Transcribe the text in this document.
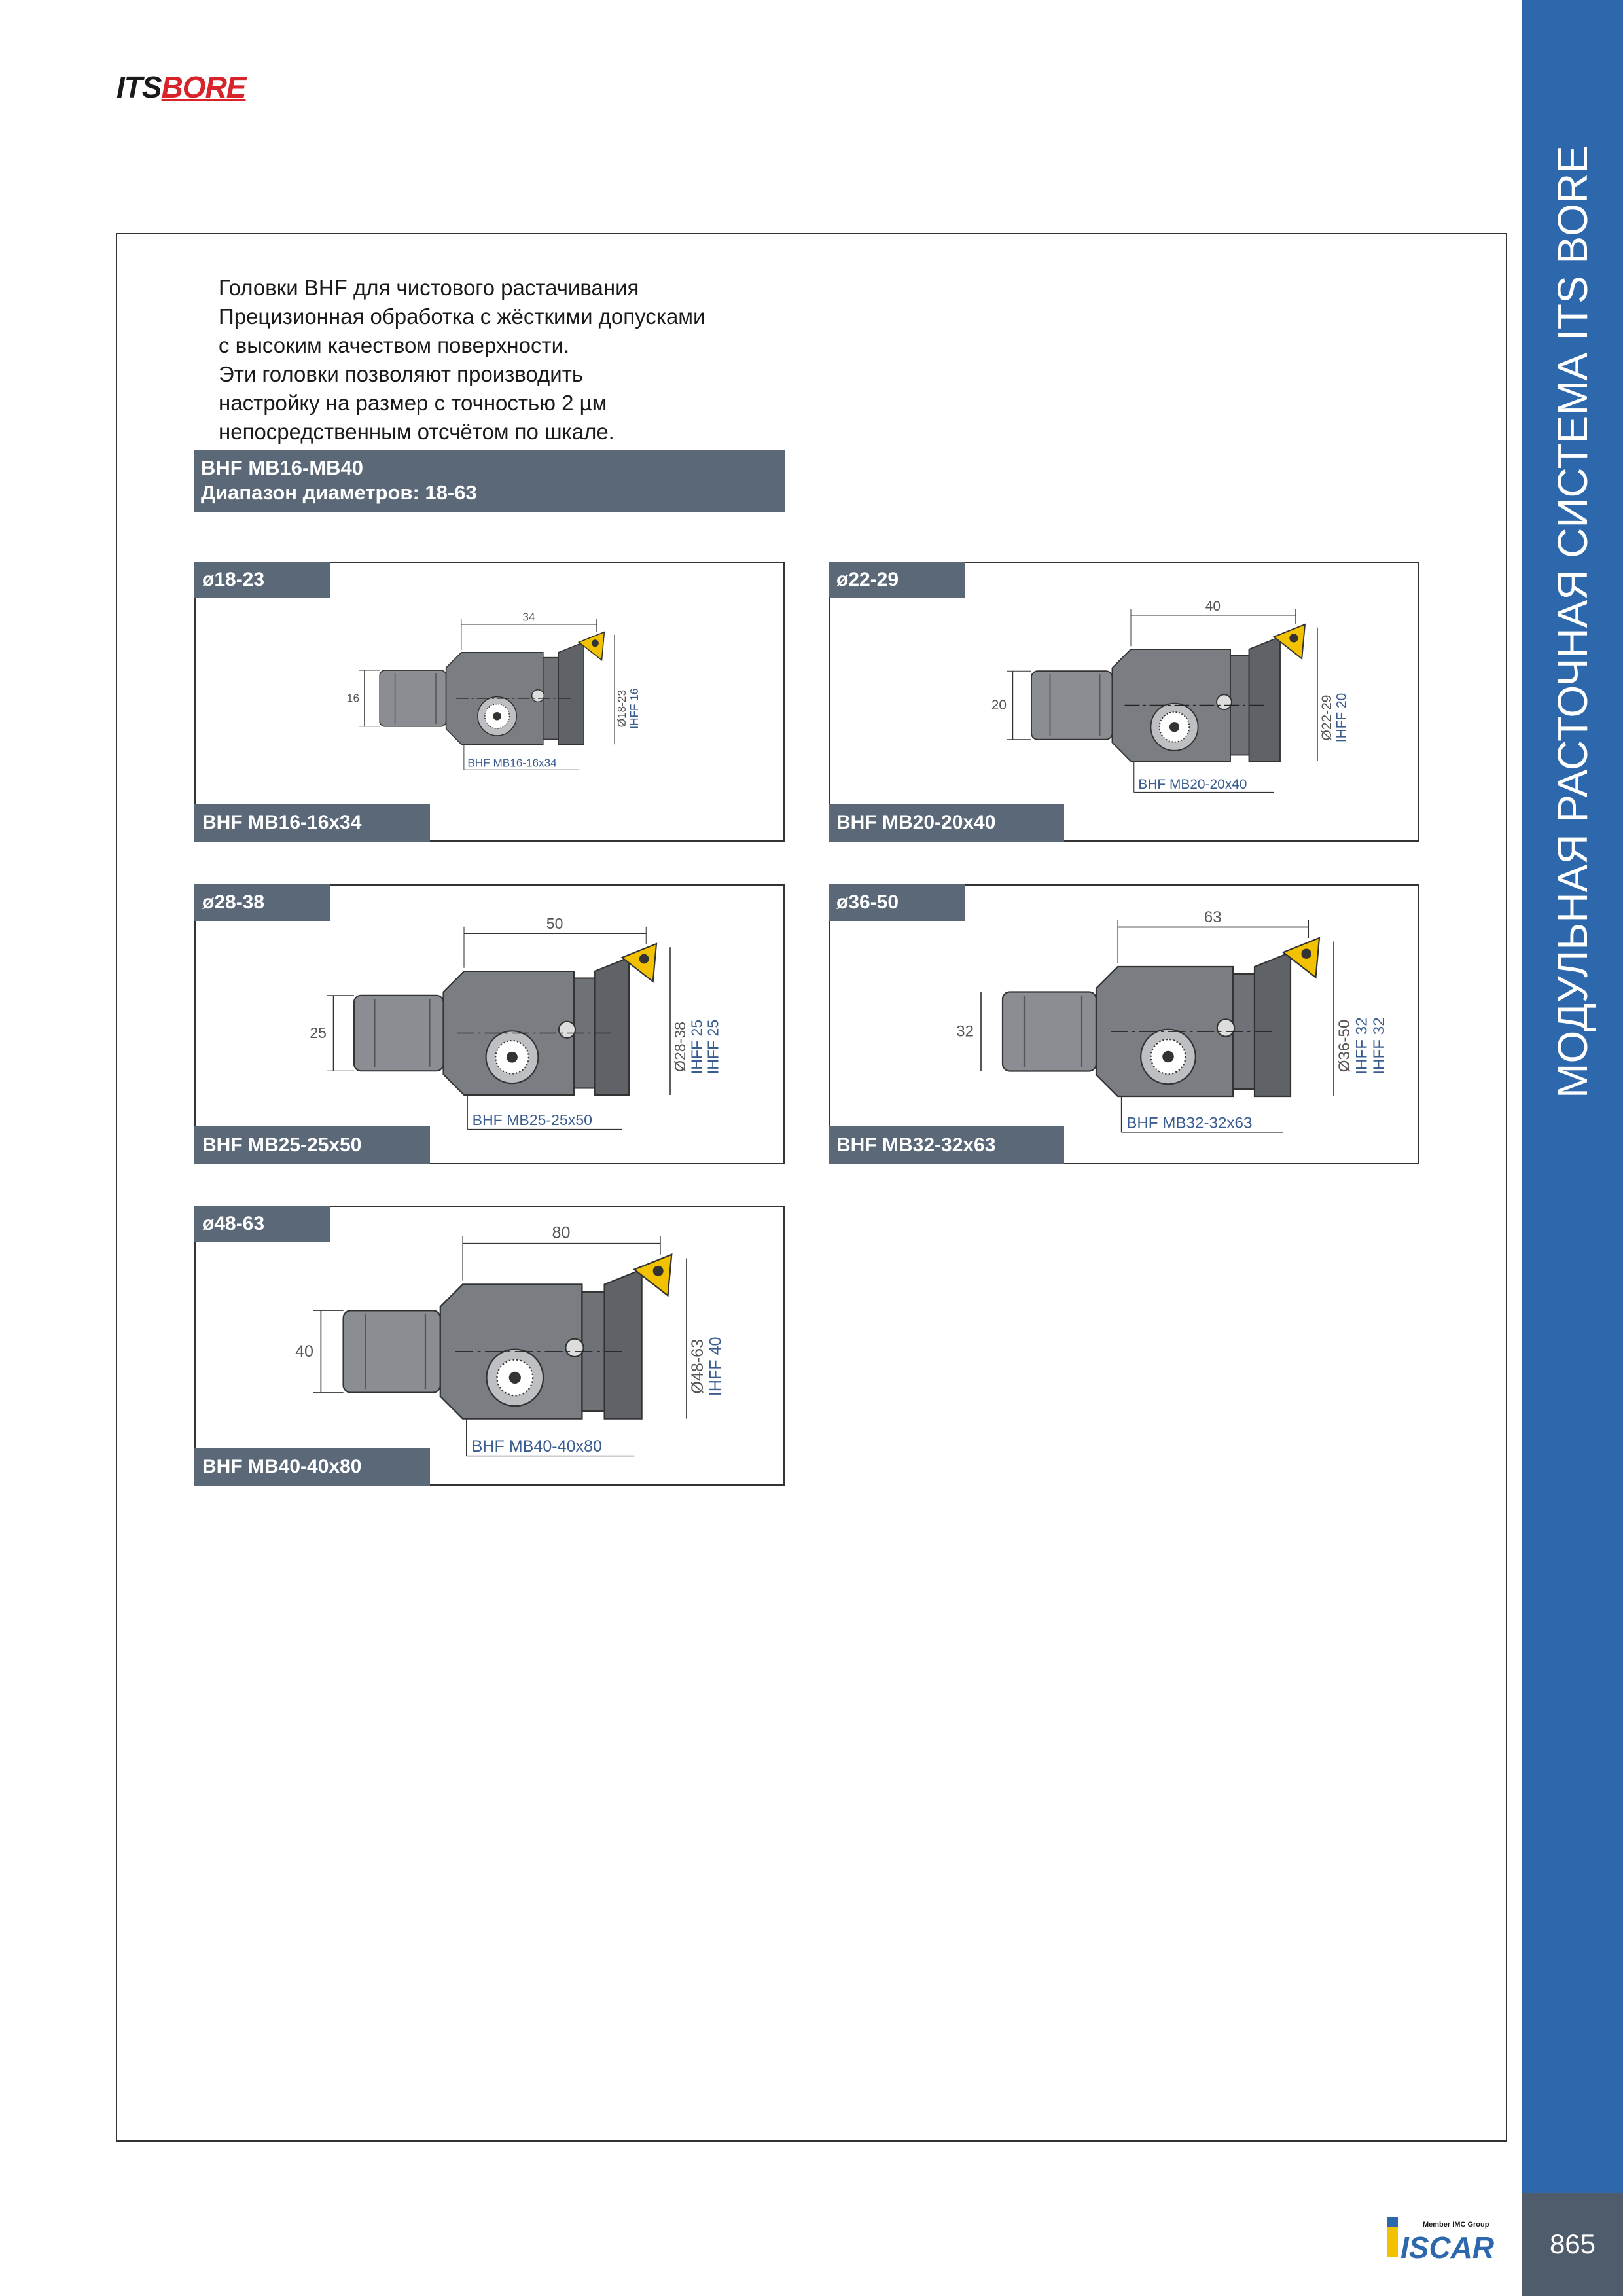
ITSBORE
МОДУЛЬНАЯ РАСТОЧНАЯ СИСТЕМА ITS BORE
865
Member IMC Group
ISCAR
Головки BHF для чистового растачивания
Прецизионная обработка с жёсткими допусками
с высоким качеством поверхности.
Эти головки позволяют производить
настройку на размер с точностью 2 µм
непосредственным отсчётом по шкале.
BHF MB16-MB40
Диапазон диаметров: 18-63
ø18-23
BHF MB16-16x34
34
16	Ø18-23
IHFF 16
BHF MB16-16x34
ø22-29
BHF MB20-20x40
40
20	Ø22-29 IHFF 20
BHF MB20-20x40
ø28-38
BHF MB25-25x50
50
25	Ø28-38 IHFF 25 IHFF 25
BHF MB25-25x50
ø36-50
BHF MB32-32x63
63
32	Ø36-50 IHFF 32 IHFF 32
BHF MB32-32x63
ø48-63
BHF MB40-40x80
80
40	Ø48-63 IHFF 40
BHF MB40-40x80
